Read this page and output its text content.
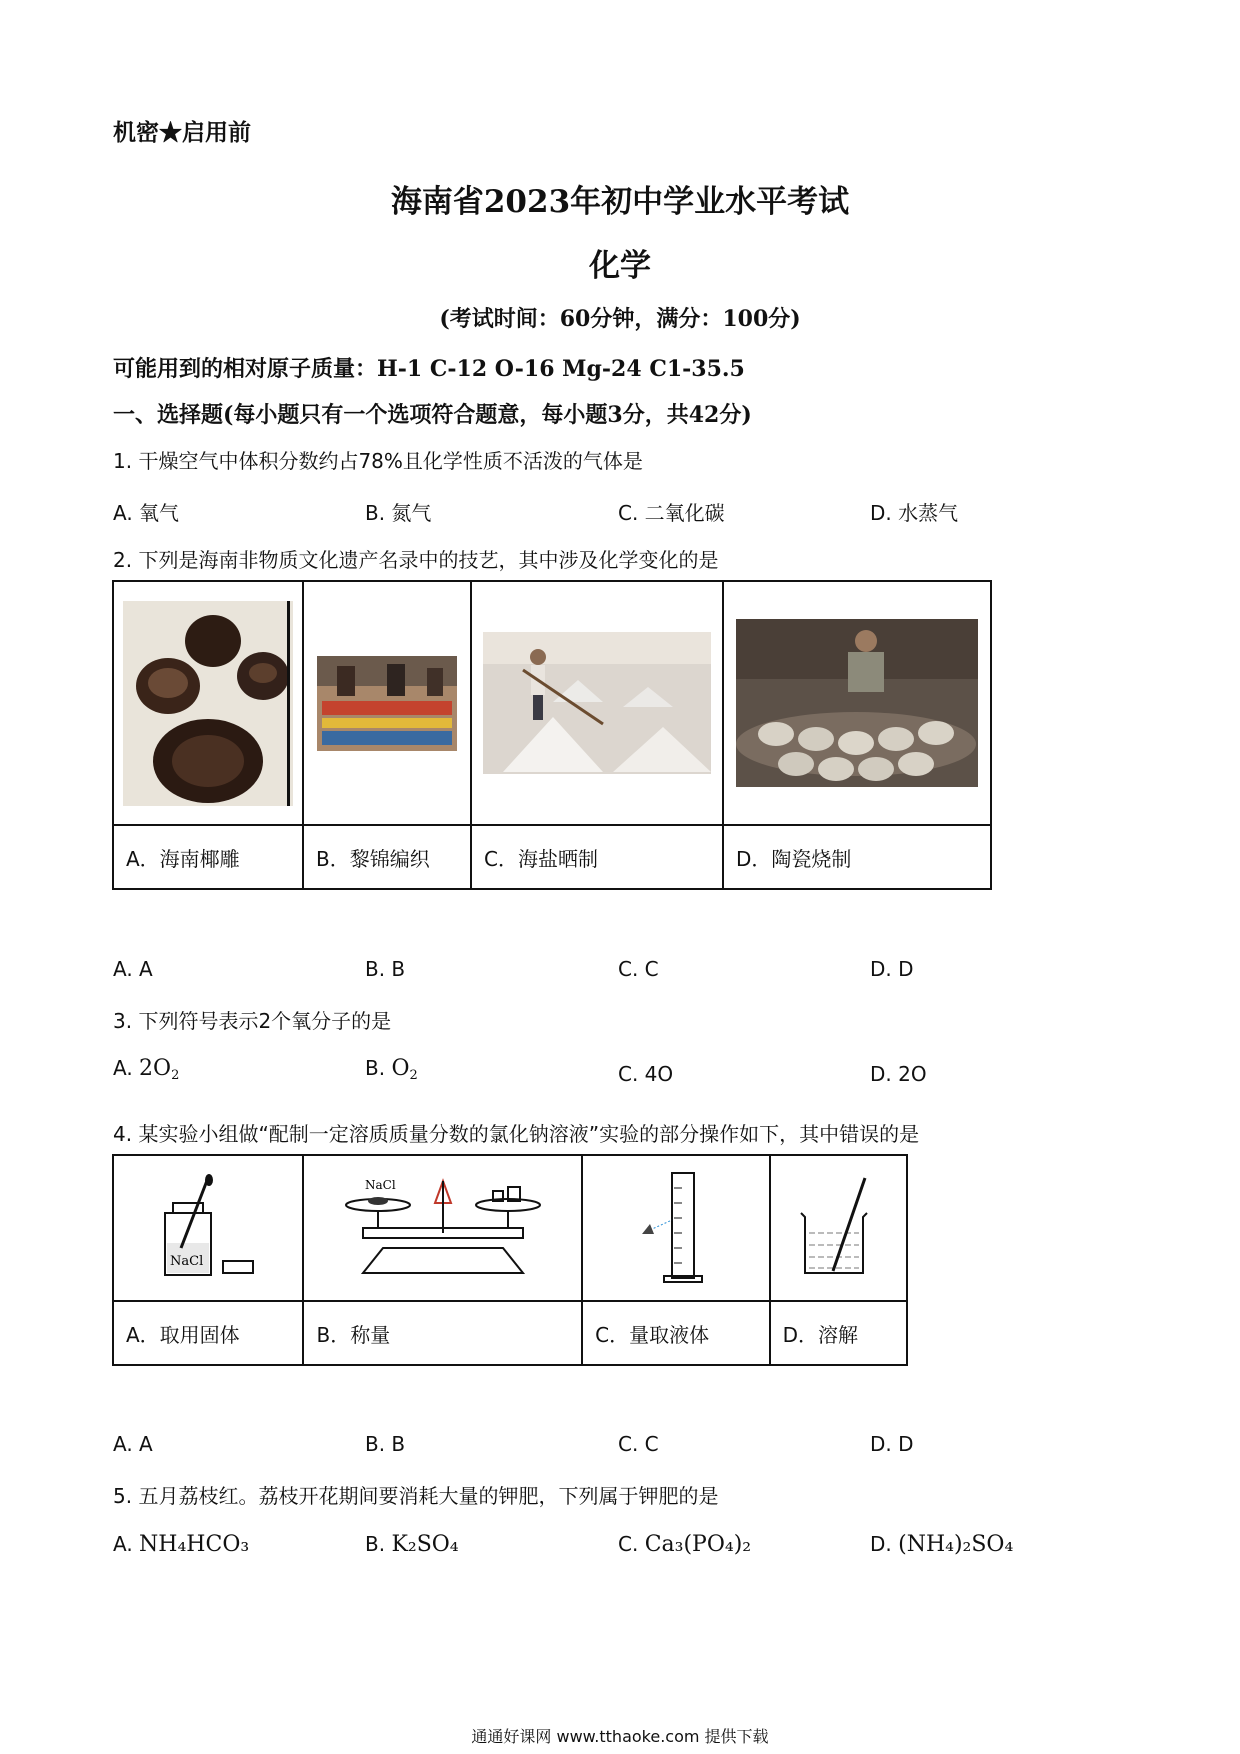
机密★启用前
海南省2023年初中学业水平考试
化学
(考试时间：60分钟，满分：100分)
可能用到的相对原子质量：H-1 C-12 O-16 Mg-24 C1-35.5
一、选择题(每小题只有一个选项符合题意，每小题3分，共42分)
1. 干燥空气中体积分数约占78%且化学性质不活泼的气体是
A. 氧气	B. 氮气	C. 二氧化碳	D. 水蒸气
2. 下列是海南非物质文化遗产名录中的技艺，其中涉及化学变化的是

A．海南椰雕	B．黎锦编织	C．海盐晒制	D．陶瓷烧制
A. A	B. B	C. C	D. D
3. 下列符号表示2个氧分子的是
A. $2O_2$	B. $O_2$	C. 4O	D. 2O
4. 某实验小组做“配制一定溶质质量分数的氯化钠溶液”实验的部分操作如下，其中错误的是
NaCl	NaCl

A．取用固体	B．称量	C．量取液体	D．溶解
A. A	B. B	C. C	D. D
5. 五月荔枝红。荔枝开花期间要消耗大量的钾肥，下列属于钾肥的是
A. NH₄HCO₃	B. K₂SO₄	C. Ca₃(PO₄)₂	D. (NH₄)₂SO₄
通通好课网 www.tthaoke.com 提供下载
